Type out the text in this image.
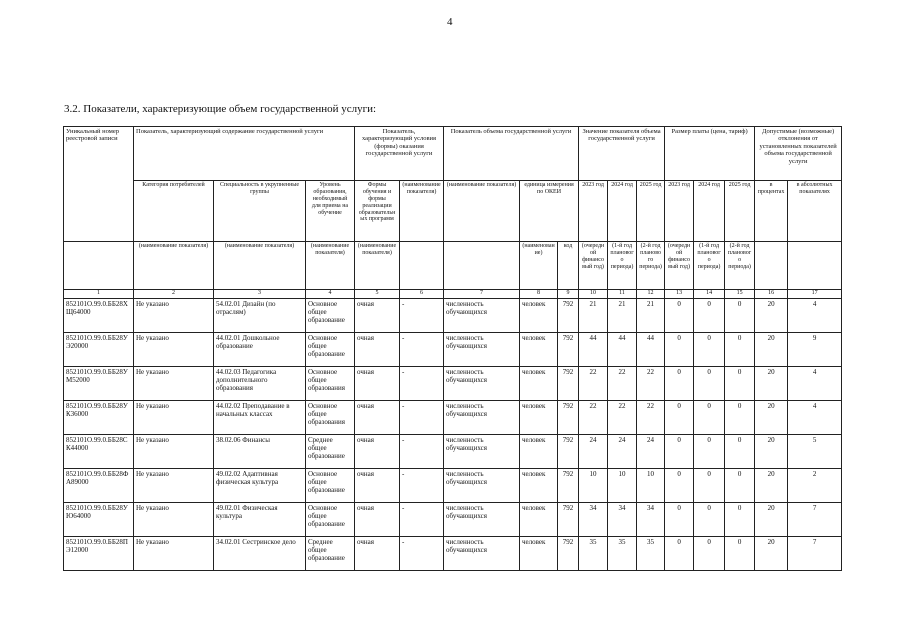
4
3.2. Показатели, характеризующие объем государственной услуги:
Уникальный номер реестровой записи	Показатель, характеризующий содержание государственной услуги			Показатель, характеризующий условия (формы) оказания государственной услуги		Показатель объема государственной услуги			Значение показателя объема государственной услуги			Размер платы (цена, тариф)			Допустимые (возможные) отклонения от установленных показателей объема государственной услуги	
	Категория потребителей	Специальность в укрупненные группы	Уровень образования, необходимый для приема на обучение	Формы обучения и формы реализации образовательных программ	(наименование показателя)	(наименование показателя)	единица измерения по ОКЕИ		2023 год	2024 год	2025 год	2023 год	2024 год	2025 год	в процентах	в абсолютных показателях
	(наименование показателя)	(наименование показателя)	(наименование показателя)	(наименование показателя)			(наименование)	код	(очередной финансовый год)	(1-й год планового периода)	(2-й год планового периода)	(очередной финансовый год)	(1-й год планового периода)	(2-й год планового периода)		
1	2	3	4	5	6	7	8	9	10	11	12	13	14	15	16	17
852101О.99.0.ББ28ХЩ64000	Не указано	54.02.01 Дизайн (по отраслям)	Основное общее образование	очная	-	численность обучающихся	человек	792	21	21	21	0	0	0	20	4
852101О.99.0.ББ28УЭ20000	Не указано	44.02.01 Дошкольное образование	Основное общее образование	очная	-	численность обучающихся	человек	792	44	44	44	0	0	0	20	9
852101О.99.0.ББ28УМ52000	Не указано	44.02.03 Педагогика дополнительного образования	Основное общее образования	очная	-	численность обучающихся	человек	792	22	22	22	0	0	0	20	4
852101О.99.0.ББ28УК36000	Не указано	44.02.02 Преподавание в начальных классах	Основное общее образования	очная	-	численность обучающихся	человек	792	22	22	22	0	0	0	20	4
852101О.99.0.ББ28СК44000	Не указано	38.02.06 Финансы	Среднее общее образование	очная	-	численность обучающихся	человек	792	24	24	24	0	0	0	20	5
852101О.99.0.ББ28ФА89000	Не указано	49.02.02 Адаптивная физическая культура	Основное общее образование	очная	-	численность обучающихся	человек	792	10	10	10	0	0	0	20	2
852101О.99.0.ББ28УЮ64000	Не указано	49.02.01 Физическая культура	Основное общее образование	очная	-	численность обучающихся	человек	792	34	34	34	0	0	0	20	7
852101О.99.0.ББ28ПЭ12000	Не указано	34.02.01 Сестринское дело	Среднее общее образование	очная	-	численность обучающихся	человек	792	35	35	35	0	0	0	20	7
